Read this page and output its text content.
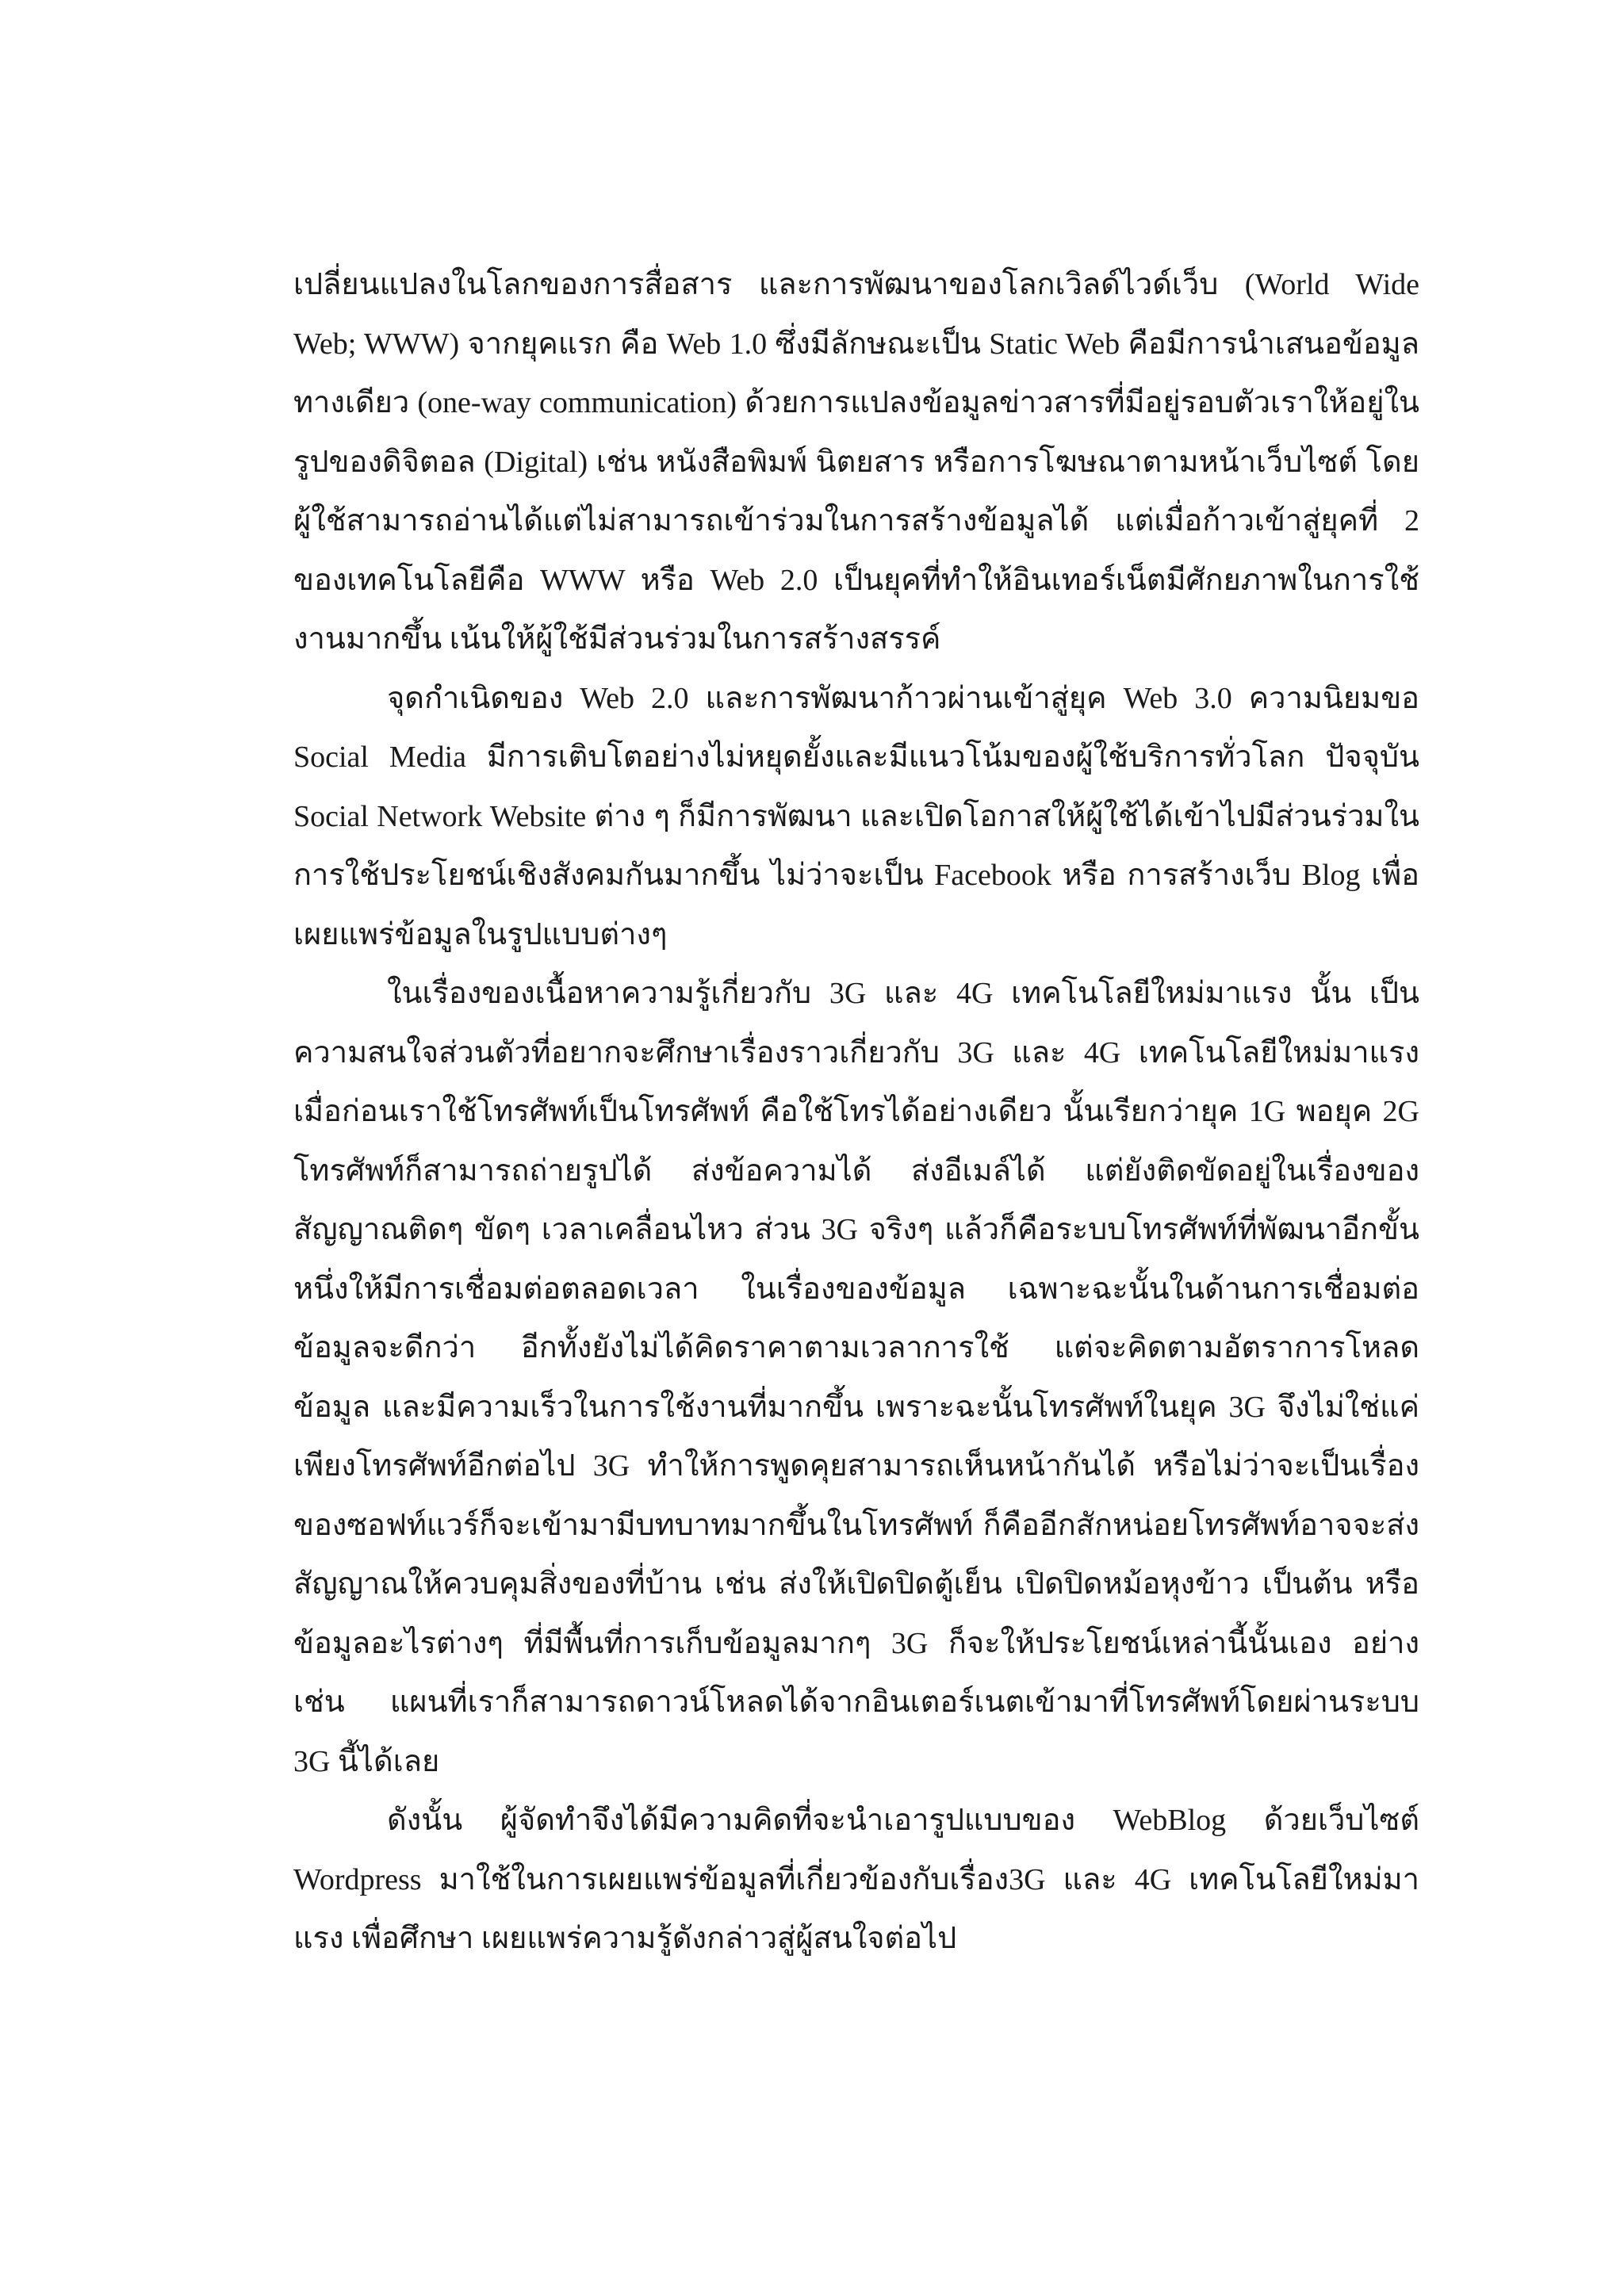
เปลี่ยนแปลงในโลกของการสื่อสาร และการพัฒนาของโลกเวิลด์ไวด์เว็บ (World Wide Web; WWW) จากยุคแรก คือ Web 1.0 ซึ่งมีลักษณะเป็น Static Web คือมีการนำเสนอข้อมูลทางเดียว (one-way communication) ด้วยการแปลงข้อมูลข่าวสารที่มีอยู่รอบตัวเราให้อยู่ในรูปของดิจิตอล (Digital) เช่น หนังสือพิมพ์ นิตยสาร หรือการโฆษณาตามหน้าเว็บไซต์ โดยผู้ใช้สามารถอ่านได้แต่ไม่สามารถเข้าร่วมในการสร้างข้อมูลได้ แต่เมื่อก้าวเข้าสู่ยุคที่ 2 ของเทคโนโลยีคือ WWW หรือ Web 2.0 เป็นยุคที่ทำให้อินเทอร์เน็ตมีศักยภาพในการใช้งานมากขึ้น เน้นให้ผู้ใช้มีส่วนร่วมในการสร้างสรรค์

จุดกำเนิดของ Web 2.0 และการพัฒนาก้าวผ่านเข้าสู่ยุค Web 3.0 ความนิยมขอ Social Media มีการเติบโตอย่างไม่หยุดยั้งและมีแนวโน้มของผู้ใช้บริการทั่วโลก ปัจจุบัน Social Network Website ต่าง ๆ ก็มีการพัฒนา และเปิดโอกาสให้ผู้ใช้ได้เข้าไปมีส่วนร่วมในการใช้ประโยชน์เชิงสังคมกันมากขึ้น ไม่ว่าจะเป็น Facebook หรือ การสร้างเว็บ Blog เพื่อเผยแพร่ข้อมูลในรูปแบบต่างๆ

ในเรื่องของเนื้อหาความรู้เกี่ยวกับ 3G และ 4G เทคโนโลยีใหม่มาแรง นั้น เป็นความสนใจส่วนตัวที่อยากจะศึกษาเรื่องราวเกี่ยวกับ 3G และ 4G เทคโนโลยีใหม่มาแรง เมื่อก่อนเราใช้โทรศัพท์เป็นโทรศัพท์ คือใช้โทรได้อย่างเดียว นั้นเรียกว่ายุค 1G พอยุค 2G โทรศัพท์ก็สามารถถ่ายรูปได้ ส่งข้อความได้ ส่งอีเมล์ได้ แต่ยังติดขัดอยู่ในเรื่องของสัญญาณติดๆ ขัดๆ เวลาเคลื่อนไหว ส่วน 3G จริงๆ แล้วก็คือระบบโทรศัพท์ที่พัฒนาอีกขั้นหนึ่งให้มีการเชื่อมต่อตลอดเวลา ในเรื่องของข้อมูล เฉพาะฉะนั้นในด้านการเชื่อมต่อข้อมูลจะดีกว่า อีกทั้งยังไม่ได้คิดราคาตามเวลาการใช้ แต่จะคิดตามอัตราการโหลดข้อมูล และมีความเร็วในการใช้งานที่มากขึ้น เพราะฉะนั้นโทรศัพท์ในยุค 3G จึงไม่ใช่แค่เพียงโทรศัพท์อีกต่อไป 3G ทำให้การพูดคุยสามารถเห็นหน้ากันได้ หรือไม่ว่าจะเป็นเรื่องของซอฟท์แวร์ก็จะเข้ามามีบทบาทมากขึ้นในโทรศัพท์ ก็คืออีกสักหน่อยโทรศัพท์อาจจะส่งสัญญาณให้ควบคุมสิ่งของที่บ้าน เช่น ส่งให้เปิดปิดตู้เย็น เปิดปิดหม้อหุงข้าว เป็นต้น หรือข้อมูลอะไรต่างๆ ที่มีพื้นที่การเก็บข้อมูลมากๆ 3G ก็จะให้ประโยชน์เหล่านี้นั้นเอง อย่างเช่น แผนที่เราก็สามารถดาวน์โหลดได้จากอินเตอร์เนตเข้ามาที่โทรศัพท์โดยผ่านระบบ 3G นี้ได้เลย

ดังนั้น ผู้จัดทำจึงได้มีความคิดที่จะนำเอารูปแบบของ WebBlog ด้วยเว็บไซต์ Wordpress มาใช้ในการเผยแพร่ข้อมูลที่เกี่ยวข้องกับเรื่อง3G และ 4G เทคโนโลยีใหม่มาแรง เพื่อศึกษา เผยแพร่ความรู้ดังกล่าวสู่ผู้สนใจต่อไป
